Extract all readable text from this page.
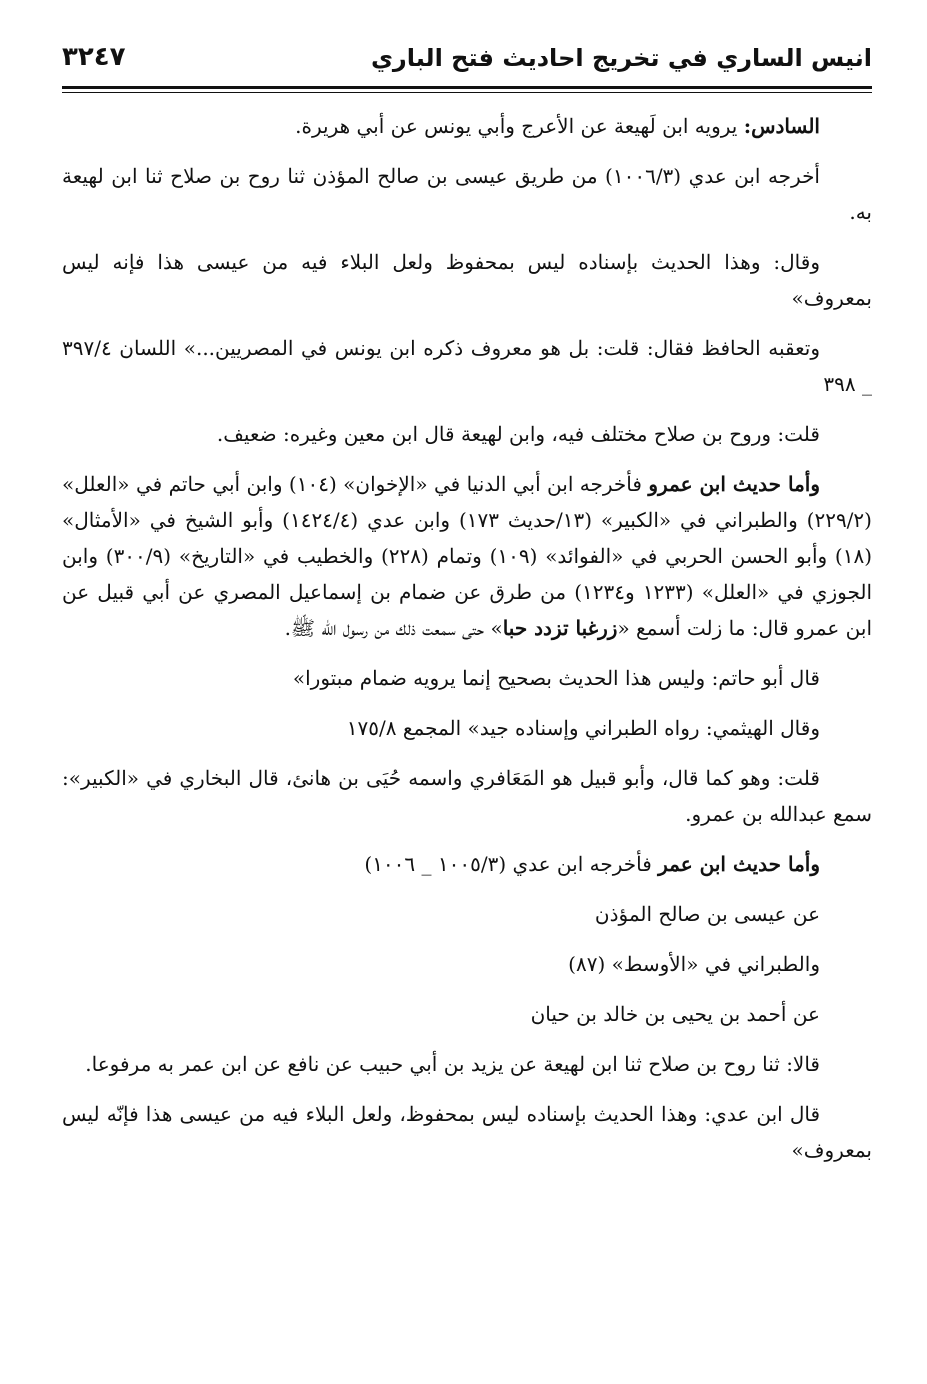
انيس الساري في تخريج احاديث فتح الباري
٣٢٤٧

السادس: يرويه ابن لَهيعة عن الأعرج وأبي يونس عن أبي هريرة.

أخرجه ابن عدي (١٠٠٦/٣) من طريق عيسى بن صالح المؤذن ثنا روح بن صلاح ثنا ابن لهيعة به.

وقال: وهذا الحديث بإسناده ليس بمحفوظ ولعل البلاء فيه من عيسى هذا فإنه ليس بمعروف»

وتعقبه الحافظ فقال: قلت: بل هو معروف ذكره ابن يونس في المصريين...» اللسان ٣٩٧/٤ _ ٣٩٨

قلت: وروح بن صلاح مختلف فيه، وابن لهيعة قال ابن معين وغيره: ضعيف.

وأما حديث ابن عمرو فأخرجه ابن أبي الدنيا في «الإخوان» (١٠٤) وابن أبي حاتم في «العلل» (٢٢٩/٢) والطبراني في «الكبير» (١٣/حديث ١٧٣) وابن عدي (١٤٢٤/٤) وأبو الشيخ في «الأمثال» (١٨) وأبو الحسن الحربي في «الفوائد» (١٠٩) وتمام (٢٢٨) والخطيب في «التاريخ» (٣٠٠/٩) وابن الجوزي في «العلل» (١٢٣٣ و١٢٣٤) من طرق عن ضمام بن إسماعيل المصري عن أبي قبيل عن ابن عمرو قال: ما زلت أسمع «زرغبا تزدد حبا» حتى سمعت ذلك من رسول الله ﷺ.

قال أبو حاتم: وليس هذا الحديث بصحيح إنما يرويه ضمام مبتورا»

وقال الهيثمي: رواه الطبراني وإسناده جيد» المجمع ١٧٥/٨

قلت: وهو كما قال، وأبو قبيل هو المَعَافري واسمه حُيَى بن هانئ، قال البخاري في «الكبير»: سمع عبدالله بن عمرو.

وأما حديث ابن عمر فأخرجه ابن عدي (١٠٠٥/٣ _ ١٠٠٦)

عن عيسى بن صالح المؤذن

والطبراني في «الأوسط» (٨٧)

عن أحمد بن يحيى بن خالد بن حيان

قالا: ثنا روح بن صلاح ثنا ابن لهيعة عن يزيد بن أبي حبيب عن نافع عن ابن عمر به مرفوعا.

قال ابن عدي: وهذا الحديث بإسناده ليس بمحفوظ، ولعل البلاء فيه من عيسى هذا فإنّه ليس بمعروف»
